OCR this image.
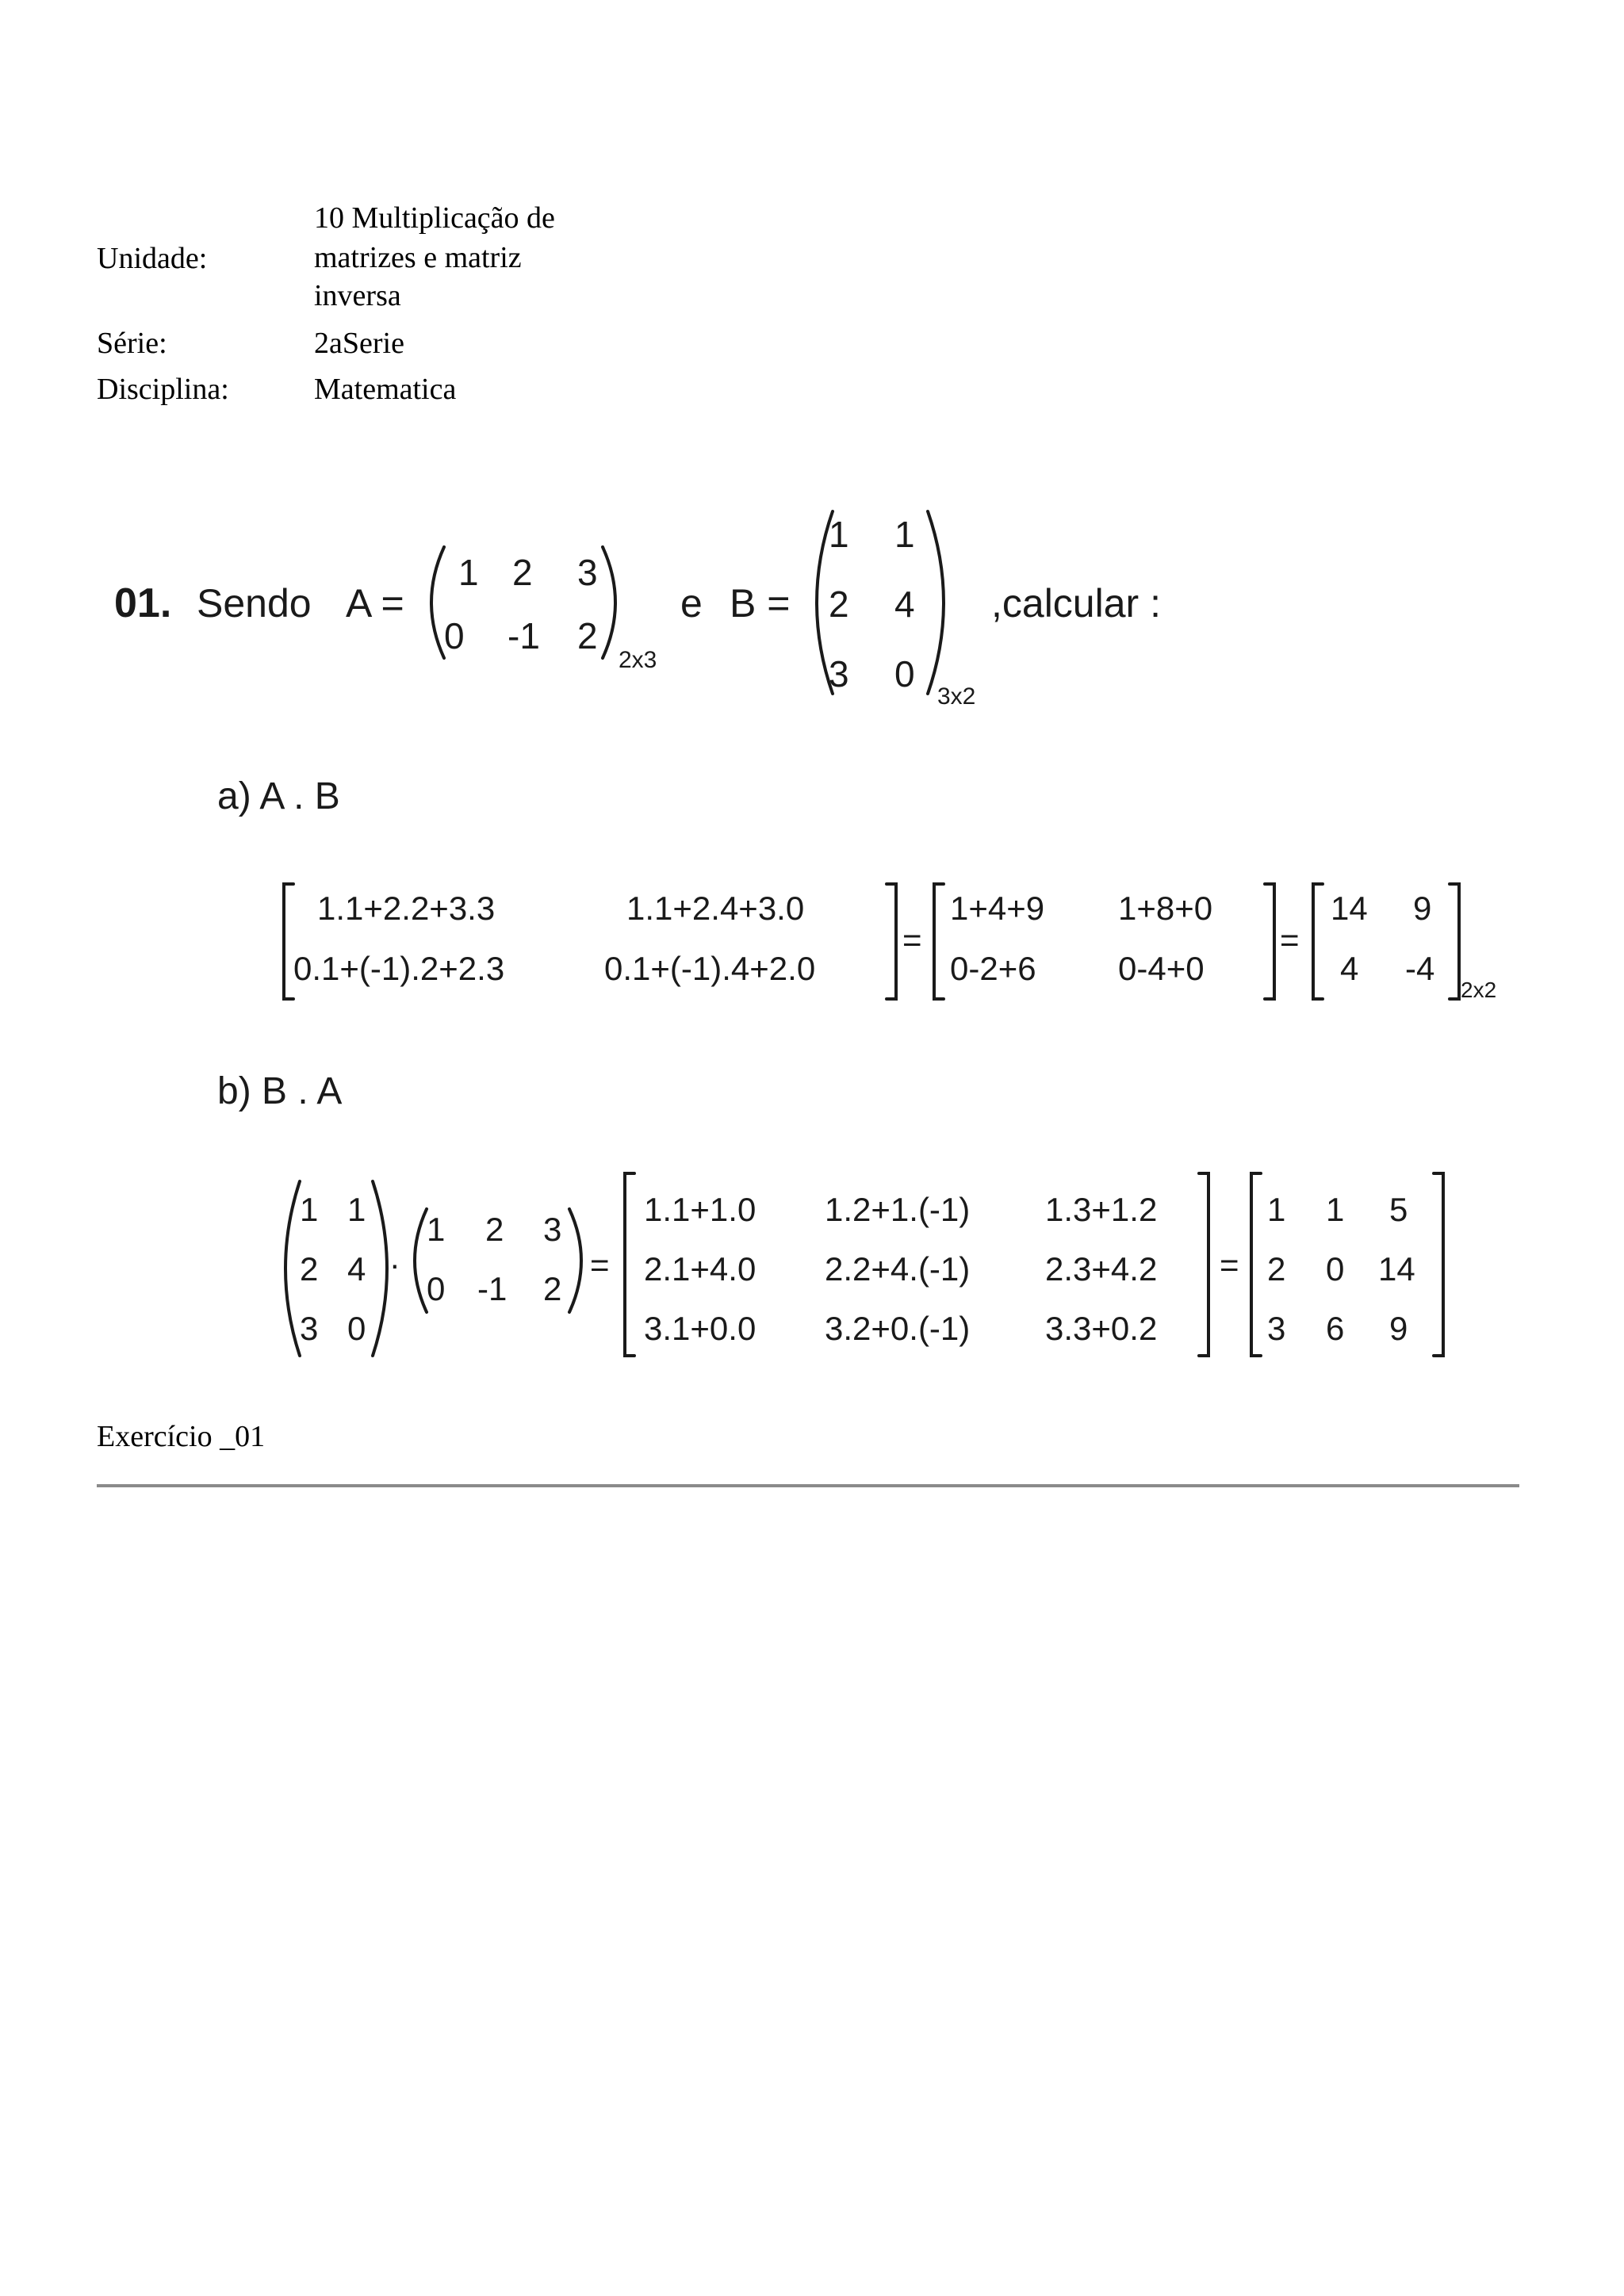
Unidade:
10 Multiplicação de
matrizes e matriz
inversa
Série:	2aSerie
Disciplina:	Matematica
01. Sendo A =
1 2 3
0 -1 2
2x3
e B =
1 1
2 4
3 0
3x2
,calcular :
a) A . B
1.1+2.2+3.3	1.1+2.4+3.0
0.1+(-1).2+2.3	0.1+(-1).4+2.0
=
1+4+9 1+8+0
0-2+6 0-4+0
=
14 9
4 -4
2x2
b) B . A
1 1
2 4
3 0
.
1 2 3
0 -1 2
=
1.1+1.0 1.2+1.(-1) 1.3+1.2
2.1+4.0 2.2+4.(-1) 2.3+4.2
3.1+0.0 3.2+0.(-1) 3.3+0.2
=
1 1 5
2 0 14
3 6 9
Exercício _01
